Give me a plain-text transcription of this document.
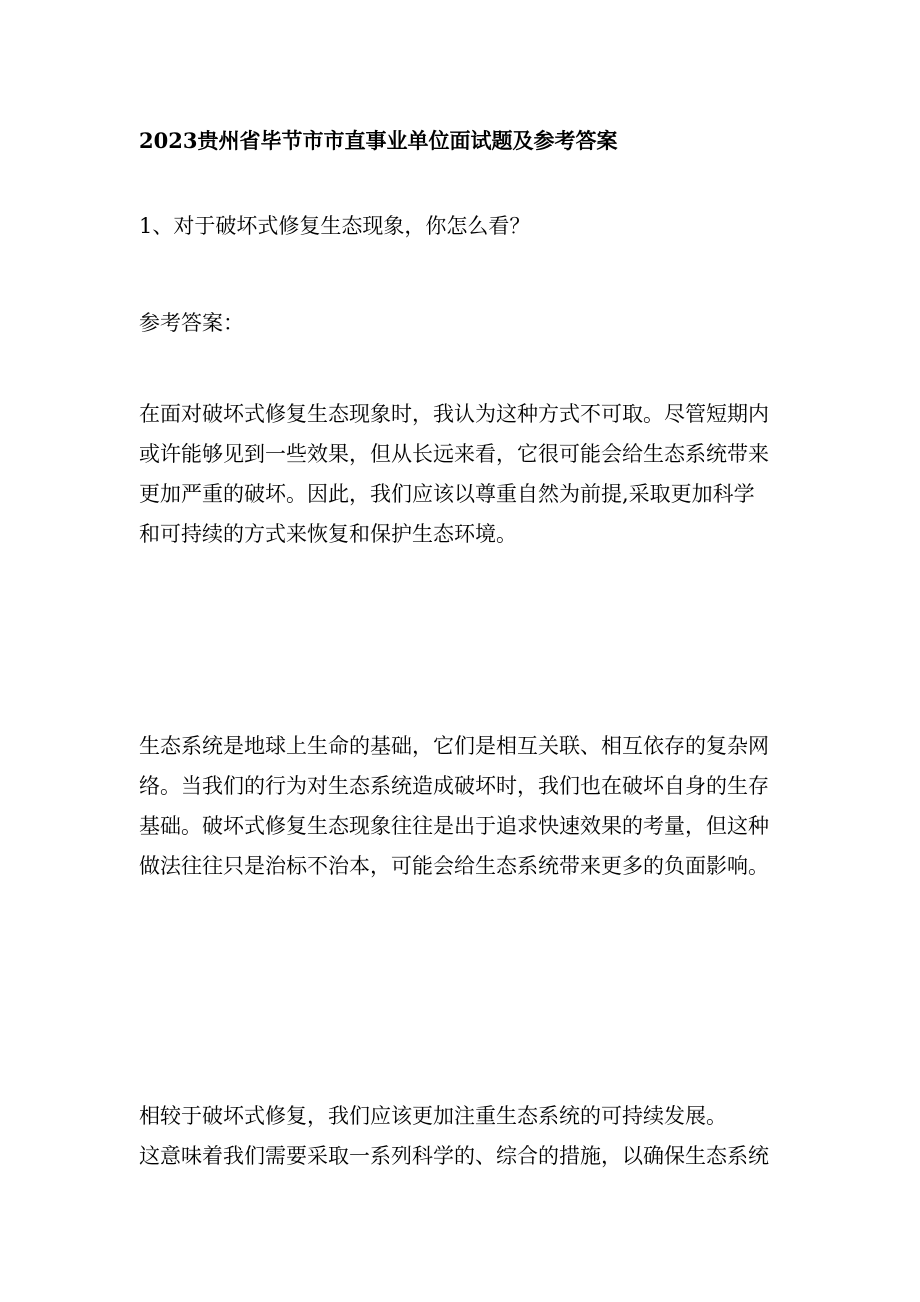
2023贵州省毕节市市直事业单位面试题及参考答案
1、对于破坏式修复生态现象，你怎么看？
参考答案：
在面对破坏式修复生态现象时，我认为这种方式不可取。尽管短期内
或许能够见到一些效果，但从长远来看，它很可能会给生态系统带来
更加严重的破坏。因此，我们应该以尊重自然为前提,采取更加科学
和可持续的方式来恢复和保护生态环境。
生态系统是地球上生命的基础，它们是相互关联、相互依存的复杂网
络。当我们的行为对生态系统造成破坏时，我们也在破坏自身的生存
基础。破坏式修复生态现象往往是出于追求快速效果的考量，但这种
做法往往只是治标不治本，可能会给生态系统带来更多的负面影响。
相较于破坏式修复，我们应该更加注重生态系统的可持续发展。
这意味着我们需要采取一系列科学的、综合的措施，以确保生态系统
